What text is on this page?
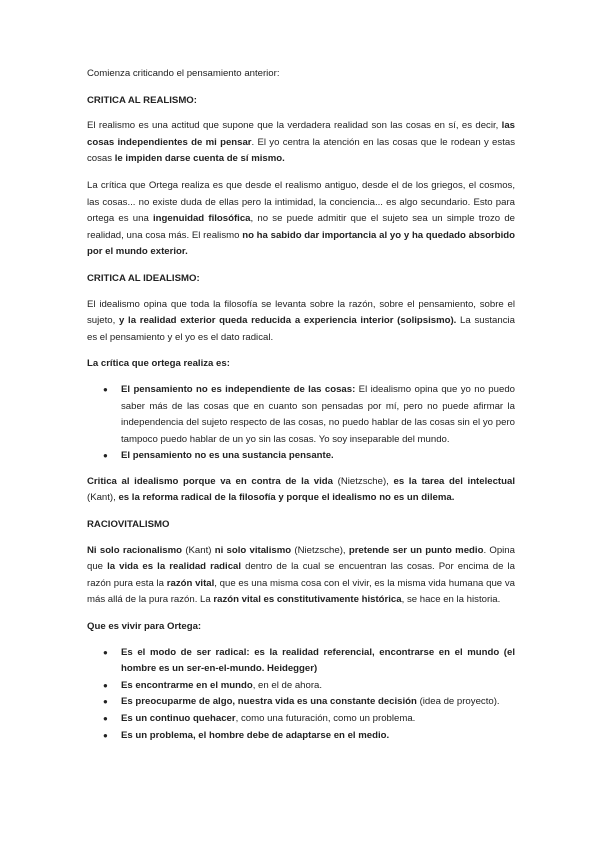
Comienza criticando el pensamiento anterior:

CRITICA AL REALISMO:

El realismo es una actitud que supone que la verdadera realidad son las cosas en sí, es decir, las cosas independientes de mi pensar. El yo centra la atención en las cosas que le rodean y estas cosas le impiden darse cuenta de sí mismo.

La crítica que Ortega realiza es que desde el realismo antiguo, desde el de los griegos, el cosmos, las cosas... no existe duda de ellas pero la intimidad, la conciencia... es algo secundario. Esto para ortega es una ingenuidad filosófica, no se puede admitir que el sujeto sea un simple trozo de realidad, una cosa más. El realismo no ha sabido dar importancia al yo y ha quedado absorbido por el mundo exterior.

CRITICA AL IDEALISMO:

El idealismo opina que toda la filosofía se levanta sobre la razón, sobre el pensamiento, sobre el sujeto, y la realidad exterior queda reducida a experiencia interior (solipsismo). La sustancia es el pensamiento y el yo es el dato radical.

La crítica que ortega realiza es:

● El pensamiento no es independiente de las cosas: El idealismo opina que yo no puedo saber más de las cosas que en cuanto son pensadas por mí, pero no puede afirmar la independencia del sujeto respecto de las cosas, no puedo hablar de las cosas sin el yo pero tampoco puedo hablar de un yo sin las cosas. Yo soy inseparable del mundo.
● El pensamiento no es una sustancia pensante.

Critica al idealismo porque va en contra de la vida (Nietzsche), es la tarea del intelectual (Kant), es la reforma radical de la filosofía y porque el idealismo no es un dilema.

RACIOVITALISMO

Ni solo racionalismo (Kant) ni solo vitalismo (Nietzsche), pretende ser un punto medio. Opina que la vida es la realidad radical dentro de la cual se encuentran las cosas. Por encima de la razón pura esta la razón vital, que es una misma cosa con el vivir, es la misma vida humana que va más allá de la pura razón. La razón vital es constitutivamente histórica, se hace en la historia.

Que es vivir para Ortega:

● Es el modo de ser radical: es la realidad referencial, encontrarse en el mundo (el hombre es un ser-en-el-mundo. Heidegger)
● Es encontrarme en el mundo, en el de ahora.
● Es preocuparme de algo, nuestra vida es una constante decisión (idea de proyecto).
● Es un continuo quehacer, como una futuración, como un problema.
● Es un problema, el hombre debe de adaptarse en el medio.
